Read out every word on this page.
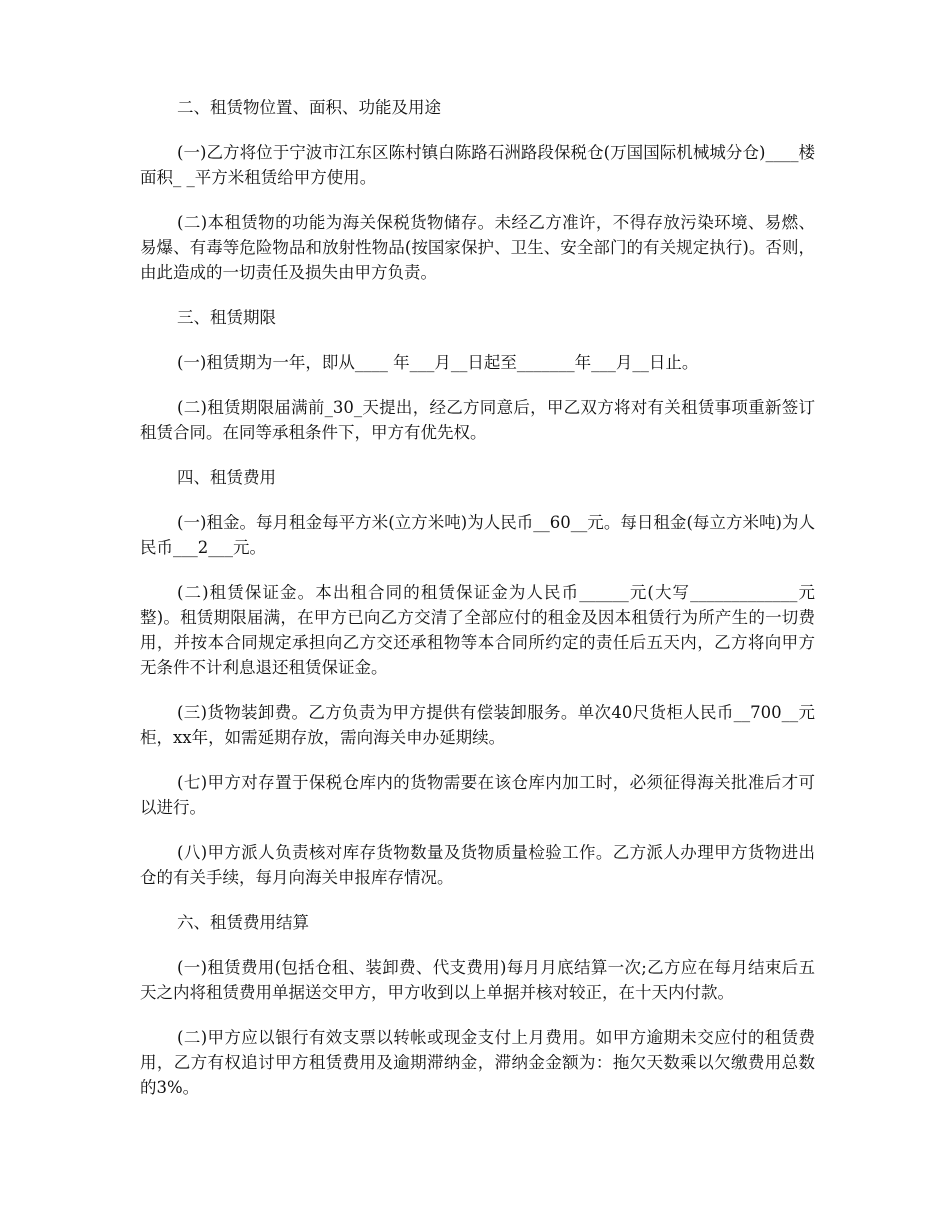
二、租赁物位置、面积、功能及用途

(一)乙方将位于宁波市江东区陈村镇白陈路石洲路段保税仓(万国国际机械城分仓)____楼面积_ _平方米租赁给甲方使用。

(二)本租赁物的功能为海关保税货物储存。未经乙方准许，不得存放污染环境、易燃、易爆、有毒等危险物品和放射性物品(按国家保护、卫生、安全部门的有关规定执行)。否则，由此造成的一切责任及损失由甲方负责。

三、租赁期限

(一)租赁期为一年，即从____ 年___月__日起至_______年___月__日止。

(二)租赁期限届满前_30_天提出，经乙方同意后，甲乙双方将对有关租赁事项重新签订租赁合同。在同等承租条件下，甲方有优先权。

四、租赁费用

(一)租金。每月租金每平方米(立方米吨)为人民币__60__元。每日租金(每立方米吨)为人民币___2___元。

(二)租赁保证金。本出租合同的租赁保证金为人民币______元(大写_____________元整)。租赁期限届满，在甲方已向乙方交清了全部应付的租金及因本租赁行为所产生的一切费用，并按本合同规定承担向乙方交还承租物等本合同所约定的责任后五天内，乙方将向甲方无条件不计利息退还租赁保证金。

(三)货物装卸费。乙方负责为甲方提供有偿装卸服务。单次40尺货柜人民币__700__元柜，xx年，如需延期存放，需向海关申办延期续。

(七)甲方对存置于保税仓库内的货物需要在该仓库内加工时，必须征得海关批准后才可以进行。

(八)甲方派人负责核对库存货物数量及货物质量检验工作。乙方派人办理甲方货物进出仓的有关手续，每月向海关申报库存情况。

六、租赁费用结算

(一)租赁费用(包括仓租、装卸费、代支费用)每月月底结算一次;乙方应在每月结束后五天之内将租赁费用单据送交甲方，甲方收到以上单据并核对较正，在十天内付款。

(二)甲方应以银行有效支票以转帐或现金支付上月费用。如甲方逾期未交应付的租赁费用，乙方有权追讨甲方租赁费用及逾期滞纳金，滞纳金金额为：拖欠天数乘以欠缴费用总数的3%。
